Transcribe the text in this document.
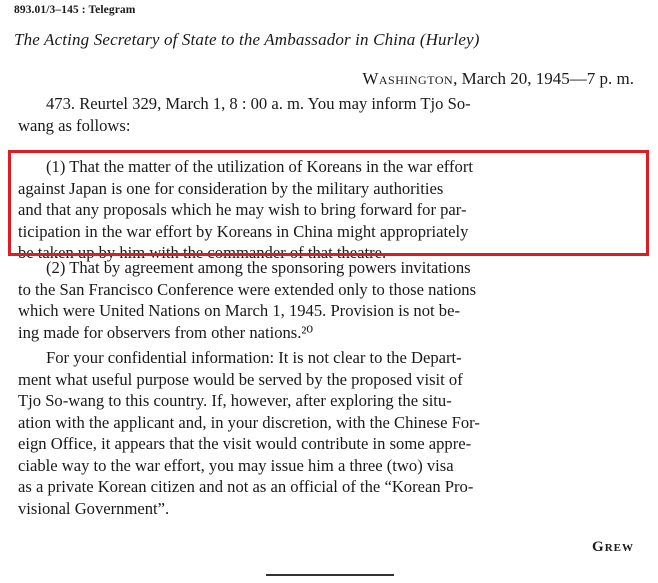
893.01/3–145 : Telegram
The Acting Secretary of State to the Ambassador in China (Hurley)
Washington, March 20, 1945—7 p. m.
473. Reurtel 329, March 1, 8 : 00 a. m. You may inform Tjo So-
wang as follows:
(1) That the matter of the utilization of Koreans in the war effort
against Japan is one for consideration by the military authorities
and that any proposals which he may wish to bring forward for par-
ticipation in the war effort by Koreans in China might appropriately
be taken up by him with the commander of that theatre.
(2) That by agreement among the sponsoring powers invitations
to the San Francisco Conference were extended only to those nations
which were United Nations on March 1, 1945. Provision is not be-
ing made for observers from other nations.²⁰
For your confidential information: It is not clear to the Depart-
ment what useful purpose would be served by the proposed visit of
Tjo So-wang to this country. If, however, after exploring the situ-
ation with the applicant and, in your discretion, with the Chinese For-
eign Office, it appears that the visit would contribute in some appre-
ciable way to the war effort, you may issue him a three (two) visa
as a private Korean citizen and not as an official of the “Korean Pro-
visional Government”.
Grew
